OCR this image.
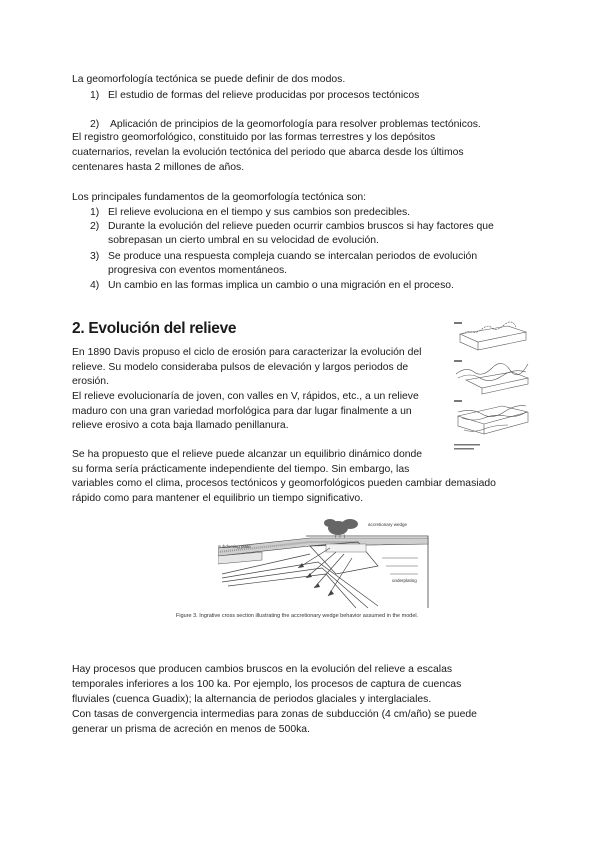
La geomorfología tectónica se puede definir de dos modos.
1) El estudio de formas del relieve producidas por procesos tectónicos
2) Aplicación de principios de la geomorfología para resolver problemas tectónicos.
El registro geomorfológico, constituido por las formas terrestres y los depósitos
cuaternarios, revelan la evolución tectónica del periodo que abarca desde los últimos
centenares hasta 2 millones de años.
Los principales fundamentos de la geomorfología tectónica son:
1) El relieve evoluciona en el tiempo y sus cambios son predecibles.
2) Durante la evolución del relieve pueden ocurrir cambios bruscos si hay factores que
sobrepasan un cierto umbral en su velocidad de evolución.
3) Se produce una respuesta compleja cuando se intercalan periodos de evolución
progresiva con eventos momentáneos.
4) Un cambio en las formas implica un cambio o una migración en el proceso.
2. Evolución del relieve
En 1890 Davis propuso el ciclo de erosión para caracterizar la evolución del
relieve. Su modelo consideraba pulsos de elevación y largos periodos de
erosión.
El relieve evolucionaría de joven, con valles en V, rápidos, etc., a un relieve
maduro con una gran variedad morfológica para dar lugar finalmente a un
relieve erosivo a cota baja llamado penillanura.
Se ha propuesto que el relieve puede alcanzar un equilibrio dinámico donde
su forma sería prácticamente independiente del tiempo. Sin embargo, las
variables como el clima, procesos tectónicos y geomorfológicos pueden cambiar demasiado
rápido como para mantener el equilibrio un tiempo significativo.
accretionary wedge
subducting plate
underplating
Figure 3. Ingrative cross section illustrating the accretionary wedge behavior assumed in the model.
Hay procesos que producen cambios bruscos en la evolución del relieve a escalas
temporales inferiores a los 100 ka. Por ejemplo, los procesos de captura de cuencas
fluviales (cuenca Guadix); la alternancia de periodos glaciales y interglaciales.
Con tasas de convergencia intermedias para zonas de subducción (4 cm/año) se puede
generar un prisma de acreción en menos de 500ka.
